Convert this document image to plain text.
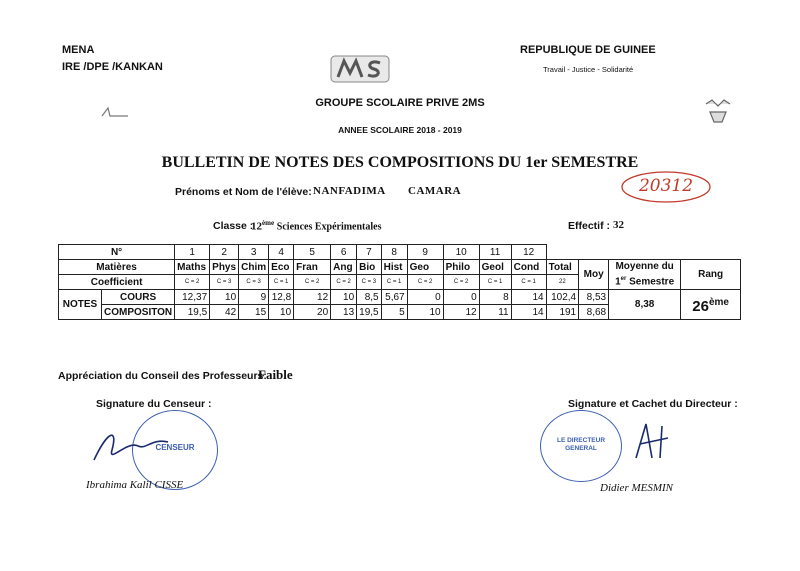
MENA
IRE /DPE /KANKAN
REPUBLIQUE DE GUINEE
Travail - Justice - Solidarité
GROUPE SCOLAIRE PRIVE 2MS
ANNEE SCOLAIRE 2018 - 2019
BULLETIN DE NOTES DES COMPOSITIONS DU 1er SEMESTRE
20312
Prénoms et Nom de l'élève: NANFADIMA CAMARA
Classe :
12ème Sciences Expérimentales	Effectif : 32
N°		1	2	3	4	5	6	7	8	9	10	11	12				
Matières		Maths	Phys	Chim	Eco	Fran	Ang	Bio	Hist	Geo	Philo	Geol	Cond	Total	Moy	Moyenne du
1er Semestre	Rang
Coefficient		C = 2	C = 3	C = 3	C = 1	C = 2	C = 2	C = 3	C = 1	C = 2	C = 2	C = 1	C = 1	22			
NOTES	COURS	12,37	10	9	12,8	12	10	8,5	5,67	0	0	8	14	102,4	8,53	8,38	26ème
	COMPOSITON	19,5	42	15	10	20	13	19,5	5	10	12	11	14	191	8,68		
Appréciation du Conseil des Professeurs:
Faible
Signature du Censeur :
CENSEUR
Ibrahima Kalil CISSE
Signature et Cachet du Directeur :
LE DIRECTEUR
GENERAL
Didier MESMIN
